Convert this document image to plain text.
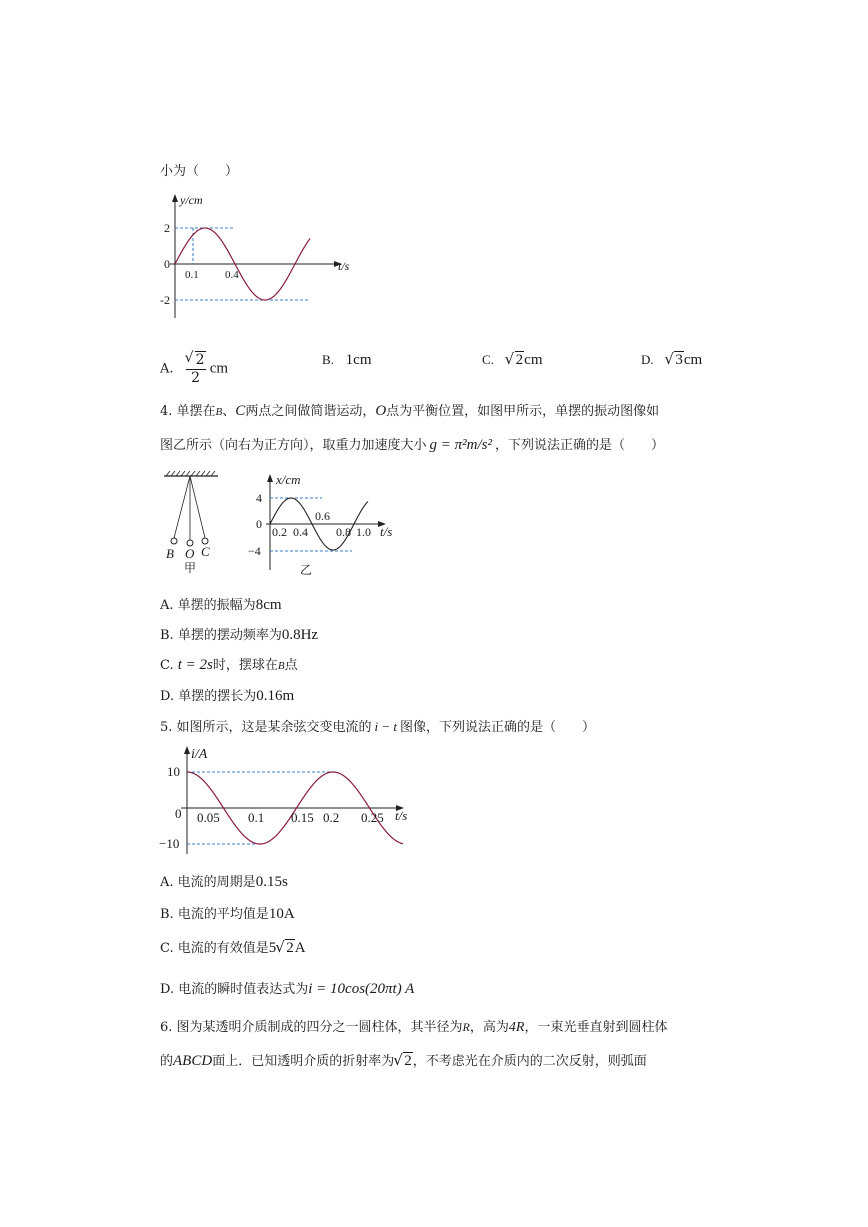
小为（　　）
y/cm
t/s
2
0
-2
0.1 0.4
A. √ $\frac{2}{2}$ cm
B. 1cm	C. √ 2cm	D. √ 3cm
4. 单摆在B、C两点之间做简谐运动，O点为平衡位置，如图甲所示，单摆的振动图像如
图乙所示（向右为正方向），取重力加速度大小 g = π²m/s² ，下列说法正确的是（　　）
B O C
甲
x/cm
t/s
4
0
−4
0.2 0.4
0.6
0.8 1.0
乙
A. 单摆的振幅为8cm
B. 单摆的摆动频率为0.8Hz
C. t = 2s时，摆球在B点
D. 单摆的摆长为0.16m
5. 如图所示，这是某余弦交变电流的 i − t 图像，下列说法正确的是（　　）
i/A
t/s
10
0
−10
0.05 0.1 0.15 0.2 0.25
A. 电流的周期是0.15s
B. 电流的平均值是10A
C. 电流的有效值是5 √ 2A
D. 电流的瞬时值表达式为i = 10cos(20πt) A
6. 图为某透明介质制成的四分之一圆柱体，其半径为R，高为4R，一束光垂直射到圆柱体
的ABCD面上．已知透明介质的折射率为 √ 2，不考虑光在介质内的二次反射，则弧面
